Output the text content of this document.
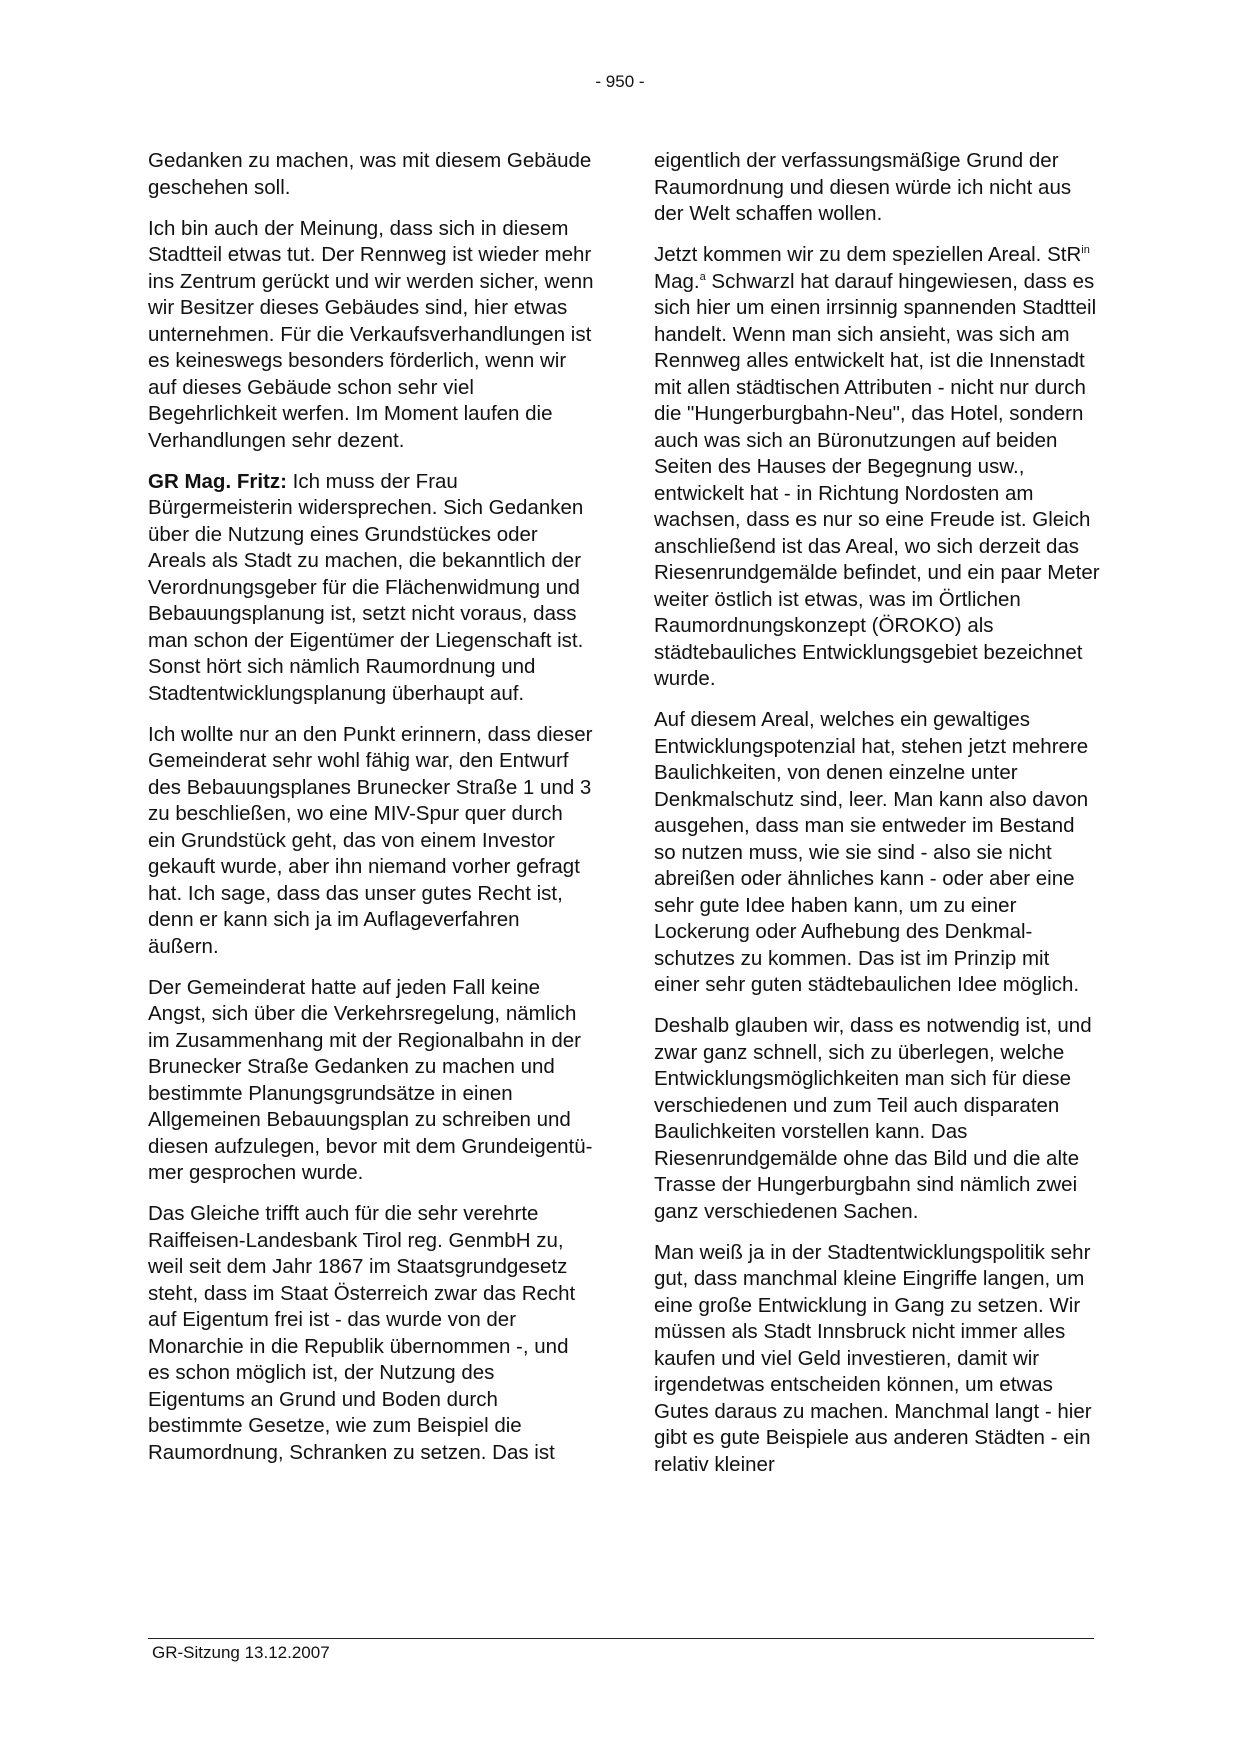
- 950 -

Gedanken zu machen, was mit diesem Gebäude geschehen soll.

Ich bin auch der Meinung, dass sich in diesem Stadtteil etwas tut. Der Rennweg ist wieder mehr ins Zentrum gerückt und wir werden sicher, wenn wir Besitzer dieses Gebäudes sind, hier etwas unternehmen. Für die Verkaufsverhandlungen ist es keineswegs besonders förderlich, wenn wir auf dieses Gebäude schon sehr viel Begehrlichkeit werfen. Im Moment laufen die Verhandlungen sehr dezent.

GR Mag. Fritz: Ich muss der Frau Bürgermeisterin widersprechen. Sich Gedanken über die Nutzung eines Grundstückes oder Areals als Stadt zu machen, die bekanntlich der Verordnungsgeber für die Flächenwidmung und Bebauungsplanung ist, setzt nicht voraus, dass man schon der Eigentümer der Liegenschaft ist. Sonst hört sich nämlich Raumordnung und Stadtentwicklungsplanung überhaupt auf.

Ich wollte nur an den Punkt erinnern, dass dieser Gemeinderat sehr wohl fähig war, den Entwurf des Bebauungsplanes Brunecker Straße 1 und 3 zu beschließen, wo eine MIV-Spur quer durch ein Grundstück geht, das von einem Investor gekauft wurde, aber ihn niemand vorher gefragt hat. Ich sage, dass das unser gutes Recht ist, denn er kann sich ja im Auflageverfahren äußern.

Der Gemeinderat hatte auf jeden Fall keine Angst, sich über die Verkehrsregelung, nämlich im Zusammenhang mit der Regionalbahn in der Brunecker Straße Gedanken zu machen und bestimmte Planungsgrundsätze in einen Allgemeinen Bebauungsplan zu schreiben und diesen aufzulegen, bevor mit dem Grundeigentümer gesprochen wurde.

Das Gleiche trifft auch für die sehr verehrte Raiffeisen-Landesbank Tirol reg. GenmbH zu, weil seit dem Jahr 1867 im Staatsgrundgesetz steht, dass im Staat Österreich zwar das Recht auf Eigentum frei ist - das wurde von der Monarchie in die Republik übernommen -, und es schon möglich ist, der Nutzung des Eigentums an Grund und Boden durch bestimmte Gesetze, wie zum Beispiel die Raumordnung, Schranken zu setzen. Das ist

eigentlich der verfassungsmäßige Grund der Raumordnung und diesen würde ich nicht aus der Welt schaffen wollen.

Jetzt kommen wir zu dem speziellen Areal. StR$^{in}$ Mag.$^a$ Schwarzl hat darauf hingewiesen, dass es sich hier um einen irrsinnig spannenden Stadtteil handelt. Wenn man sich ansieht, was sich am Rennweg alles entwickelt hat, ist die Innenstadt mit allen städtischen Attributen - nicht nur durch die "Hungerburgbahn-Neu", das Hotel, sondern auch was sich an Büronutzungen auf beiden Seiten des Hauses der Begegnung usw., entwickelt hat - in Richtung Nordosten am wachsen, dass es nur so eine Freude ist. Gleich anschließend ist das Areal, wo sich derzeit das Riesenrundgemälde befindet, und ein paar Meter weiter östlich ist etwas, was im Örtlichen Raumordnungskonzept (ÖROKO) als städtebauliches Entwicklungsgebiet bezeichnet wurde.

Auf diesem Areal, welches ein gewaltiges Entwicklungspotenzial hat, stehen jetzt mehrere Baulichkeiten, von denen einzelne unter Denkmalschutz sind, leer. Man kann also davon ausgehen, dass man sie entweder im Bestand so nutzen muss, wie sie sind - also sie nicht abreißen oder ähnliches kann - oder aber eine sehr gute Idee haben kann, um zu einer Lockerung oder Aufhebung des Denkmalschutzes zu kommen. Das ist im Prinzip mit einer sehr guten städtebaulichen Idee möglich.

Deshalb glauben wir, dass es notwendig ist, und zwar ganz schnell, sich zu überlegen, welche Entwicklungsmöglichkeiten man sich für diese verschiedenen und zum Teil auch disparaten Baulichkeiten vorstellen kann. Das Riesenrundgemälde ohne das Bild und die alte Trasse der Hungerburgbahn sind nämlich zwei ganz verschiedenen Sachen.

Man weiß ja in der Stadtentwicklungspolitik sehr gut, dass manchmal kleine Eingriffe langen, um eine große Entwicklung in Gang zu setzen. Wir müssen als Stadt Innsbruck nicht immer alles kaufen und viel Geld investieren, damit wir irgendetwas entscheiden können, um etwas Gutes daraus zu machen. Manchmal langt - hier gibt es gute Beispiele aus anderen Städten - ein relativ kleiner

GR-Sitzung 13.12.2007
